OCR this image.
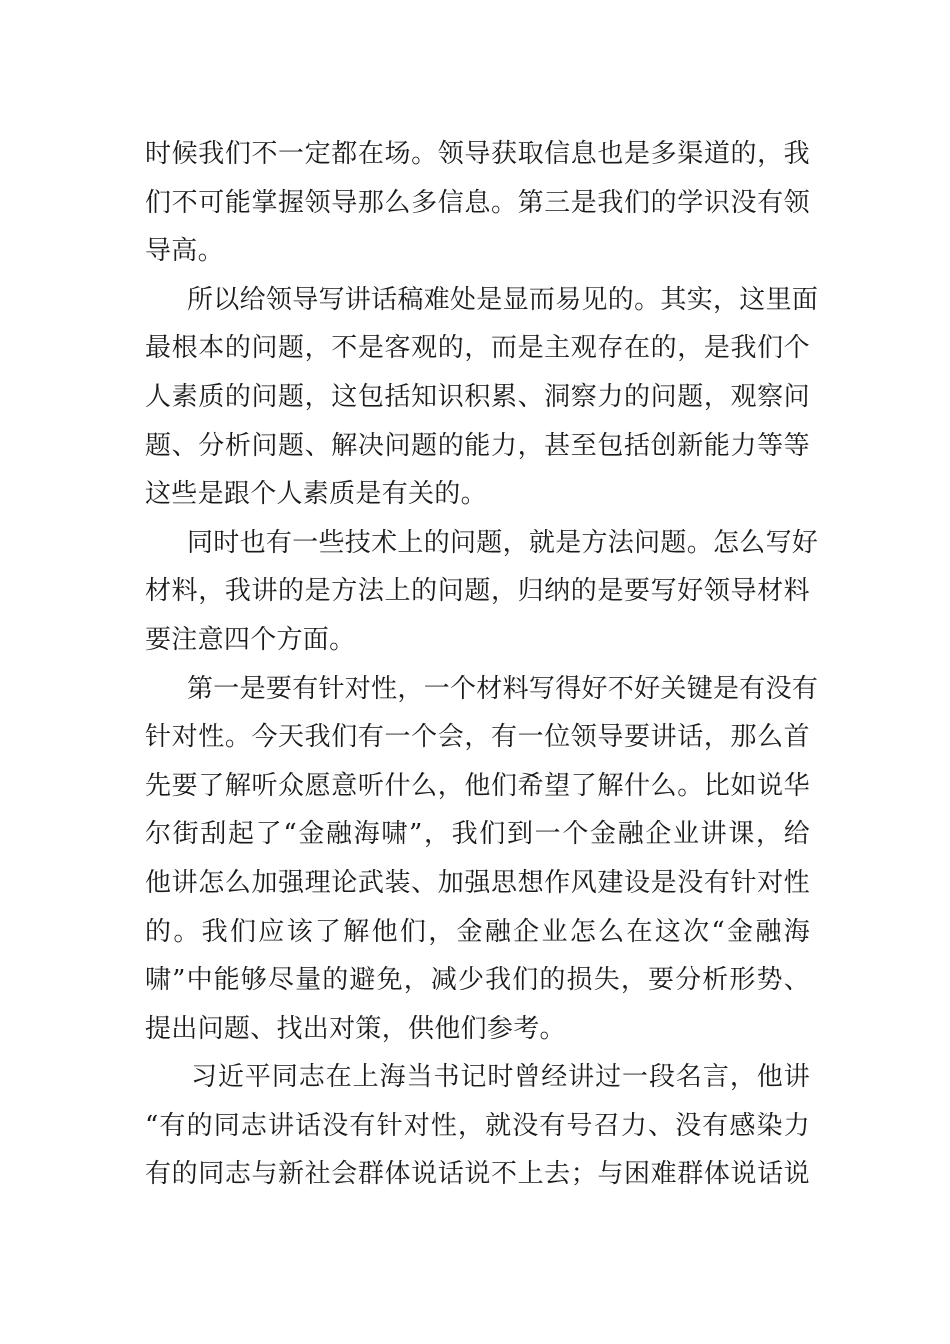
时候我们不一定都在场。领导获取信息也是多渠道的，我
们不可能掌握领导那么多信息。第三是我们的学识没有领
导高。
所以给领导写讲话稿难处是显而易见的。其实，这里面
最根本的问题，不是客观的，而是主观存在的，是我们个
人素质的问题，这包括知识积累、洞察力的问题，观察问
题、分析问题、解决问题的能力，甚至包括创新能力等等
这些是跟个人素质是有关的。
同时也有一些技术上的问题，就是方法问题。怎么写好
材料，我讲的是方法上的问题，归纳的是要写好领导材料
要注意四个方面。
第一是要有针对性，一个材料写得好不好关键是有没有
针对性。今天我们有一个会，有一位领导要讲话，那么首
先要了解听众愿意听什么，他们希望了解什么。比如说华
尔街刮起了“金融海啸”，我们到一个金融企业讲课，给
他讲怎么加强理论武装、加强思想作风建设是没有针对性
的。我们应该了解他们，金融企业怎么在这次“金融海
啸”中能够尽量的避免，减少我们的损失，要分析形势、
提出问题、找出对策，供他们参考。
习近平同志在上海当书记时曾经讲过一段名言，他讲
“有的同志讲话没有针对性，就没有号召力、没有感染力
有的同志与新社会群体说话说不上去；与困难群体说话说
